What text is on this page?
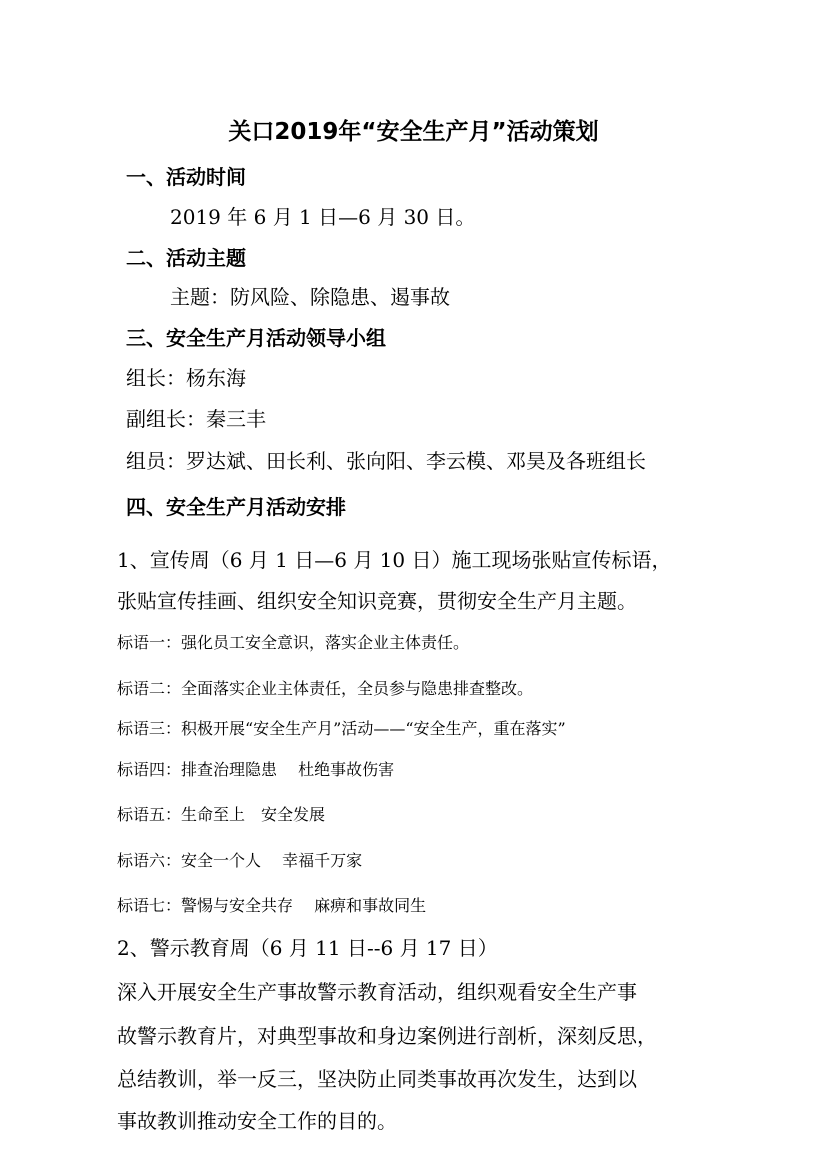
关口2019年“安全生产月”活动策划
一、活动时间
2019 年 6 月 1 日—6 月 30 日。
二、活动主题
主题：防风险、除隐患、遏事故
三、安全生产月活动领导小组
组长：杨东海
副组长：秦三丰
组员：罗达斌、田长利、张向阳、李云模、邓昊及各班组长
四、安全生产月活动安排
1、宣传周（6 月 1 日—6 月 10 日）施工现场张贴宣传标语，
张贴宣传挂画、组织安全知识竞赛，贯彻安全生产月主题。
标语一：强化员工安全意识，落实企业主体责任。
标语二：全面落实企业主体责任，全员参与隐患排查整改。
标语三：积极开展“安全生产月”活动——“安全生产，重在落实”
标语四：排查治理隐患　 杜绝事故伤害
标语五：生命至上　安全发展
标语六：安全一个人　 幸福千万家
标语七：警惕与安全共存　 麻痹和事故同生
2、警示教育周（6 月 11 日--6 月 17 日）
深入开展安全生产事故警示教育活动，组织观看安全生产事
故警示教育片，对典型事故和身边案例进行剖析，深刻反思，
总结教训，举一反三，坚决防止同类事故再次发生，达到以
事故教训推动安全工作的目的。
